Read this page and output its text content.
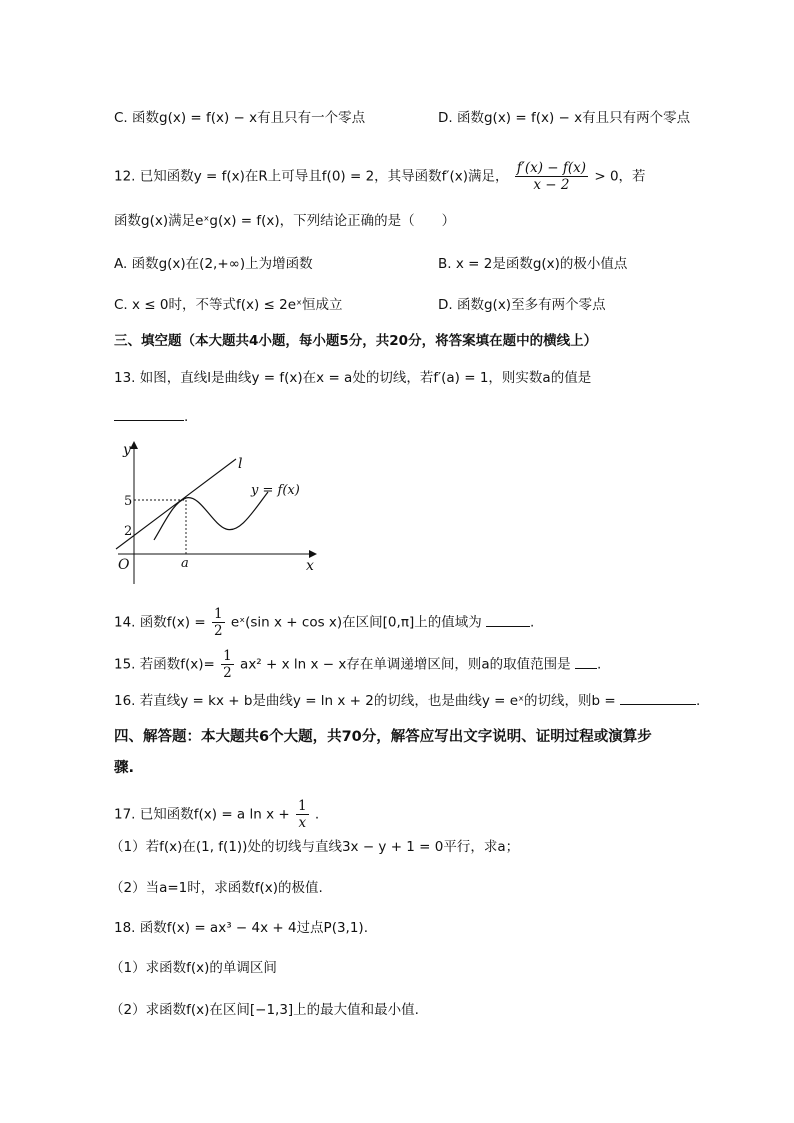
C. 函数g(x) = f(x) − x有且只有一个零点	D. 函数g(x) = f(x) − x有且只有两个零点
12. 已知函数y = f(x)在R上可导且f(0) = 2，其导函数f′(x)满足， $\frac{f'(x) - f(x)}{x - 2} > 0$，若
函数g(x)满足eˣg(x) = f(x)，下列结论正确的是（　　）
A. 函数g(x)在(2,+∞)上为增函数	B. x = 2是函数g(x)的极小值点
C. x ≤ 0时，不等式f(x) ≤ 2eˣ恒成立	D. 函数g(x)至多有两个零点
三、填空题（本大题共4小题，每小题5分，共20分，将答案填在题中的横线上）
13. 如图，直线l是曲线y = f(x)在x = a处的切线，若f′(a) = 1，则实数a的值是
.
y
x
O
l
y = f(x)
5
2
a
14. 函数$f(x) = \frac{1}{2}$ eˣ(sin x + cos x)在区间[0,π]上的值域为	.
15. 若函数$f(x)= \frac{1}{2} ax^2 + x$ ln x − x存在单调递增区间，则a的取值范围是 .
16. 若直线y = kx + b是曲线y = ln x + 2的切线，也是曲线y = eˣ的切线，则b =	.
四、解答题：本大题共6个大题，共70分，解答应写出文字说明、证明过程或演算步
骤.
17. 已知函数f(x) = a $\ln x + \frac{1}{x}$ .
（1）若f(x)在(1, f(1))处的切线与直线3x − y + 1 = 0平行，求a；
（2）当a=1时，求函数f(x)的极值.
18. 函数f(x) = ax³ − 4x + 4过点P(3,1).
（1）求函数f(x)的单调区间
（2）求函数f(x)在区间[−1,3]上的最大值和最小值.
